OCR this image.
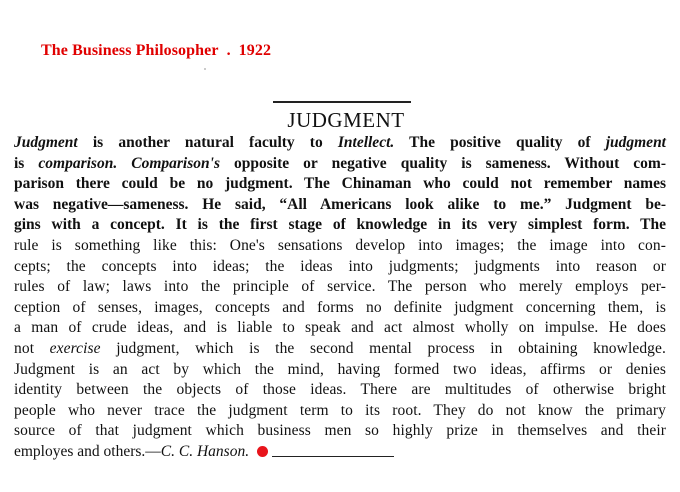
The Business Philosopher . 1922
JUDGMENT
Judgment is another natural faculty to Intellect. The positive quality of judgment
is comparison. Comparison's opposite or negative quality is sameness. Without com-
parison there could be no judgment. The Chinaman who could not remember names
was negative—sameness. He said, “All Americans look alike to me.” Judgment be-
gins with a concept. It is the first stage of knowledge in its very simplest form. The
rule is something like this: One's sensations develop into images; the image into con-
cepts; the concepts into ideas; the ideas into judgments; judgments into reason or
rules of law; laws into the principle of service. The person who merely employs per-
ception of senses, images, concepts and forms no definite judgment concerning them, is
a man of crude ideas, and is liable to speak and act almost wholly on impulse. He does
not exercise judgment, which is the second mental process in obtaining knowledge.
Judgment is an act by which the mind, having formed two ideas, affirms or denies
identity between the objects of those ideas. There are multitudes of otherwise bright
people who never trace the judgment term to its root. They do not know the primary
source of that judgment which business men so highly prize in themselves and their
employes and others.—C. C. Hanson.
